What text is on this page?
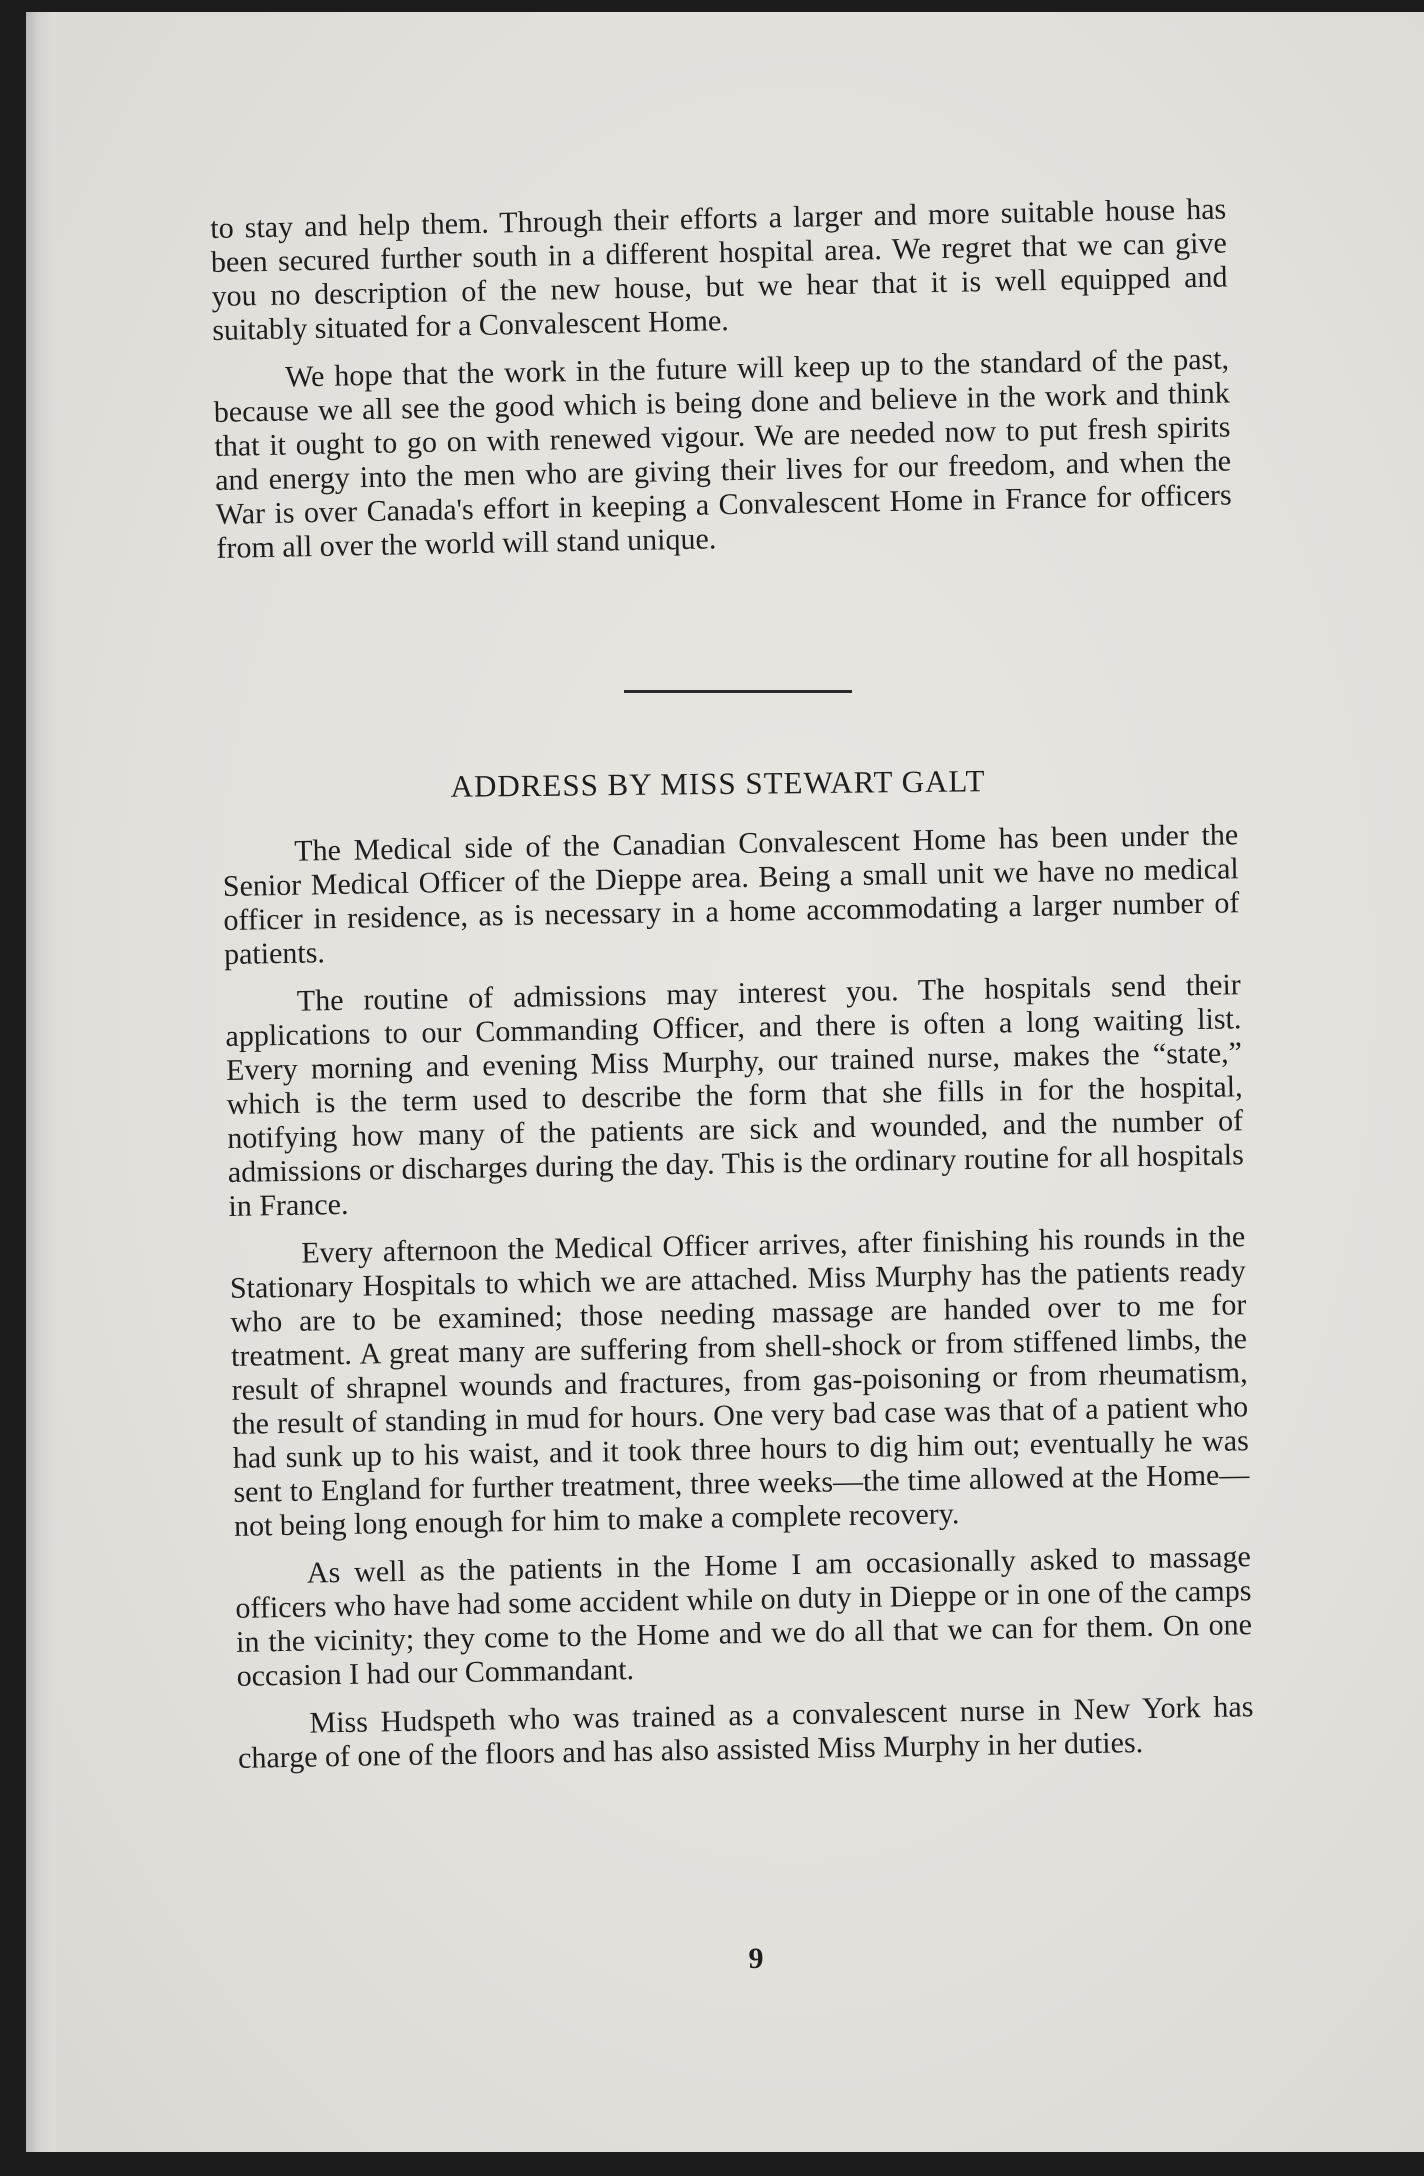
to stay and help them. Through their efforts a larger and more suitable house has been secured further south in a different hospital area. We regret that we can give you no description of the new house, but we hear that it is well equipped and suitably situated for a Convalescent Home.

We hope that the work in the future will keep up to the standard of the past, because we all see the good which is being done and believe in the work and think that it ought to go on with renewed vigour. We are needed now to put fresh spirits and energy into the men who are giving their lives for our freedom, and when the War is over Canada's effort in keeping a Convalescent Home in France for officers from all over the world will stand unique.

ADDRESS BY MISS STEWART GALT

The Medical side of the Canadian Convalescent Home has been under the Senior Medical Officer of the Dieppe area. Being a small unit we have no medical officer in residence, as is necessary in a home accommodating a larger number of patients.

The routine of admissions may interest you. The hospitals send their applications to our Commanding Officer, and there is often a long waiting list. Every morning and evening Miss Murphy, our trained nurse, makes the “state,” which is the term used to describe the form that she fills in for the hospital, notifying how many of the patients are sick and wounded, and the number of admissions or discharges during the day. This is the ordinary routine for all hospitals in France.

Every afternoon the Medical Officer arrives, after finishing his rounds in the Stationary Hospitals to which we are attached. Miss Murphy has the patients ready who are to be examined; those needing massage are handed over to me for treatment. A great many are suffering from shell-shock or from stiffened limbs, the result of shrapnel wounds and fractures, from gas-poisoning or from rheumatism, the result of standing in mud for hours. One very bad case was that of a patient who had sunk up to his waist, and it took three hours to dig him out; eventually he was sent to England for further treatment, three weeks—the time allowed at the Home—not being long enough for him to make a complete recovery.

As well as the patients in the Home I am occasionally asked to massage officers who have had some accident while on duty in Dieppe or in one of the camps in the vicinity; they come to the Home and we do all that we can for them. On one occasion I had our Commandant.

Miss Hudspeth who was trained as a convalescent nurse in New York has charge of one of the floors and has also assisted Miss Murphy in her duties.

9
